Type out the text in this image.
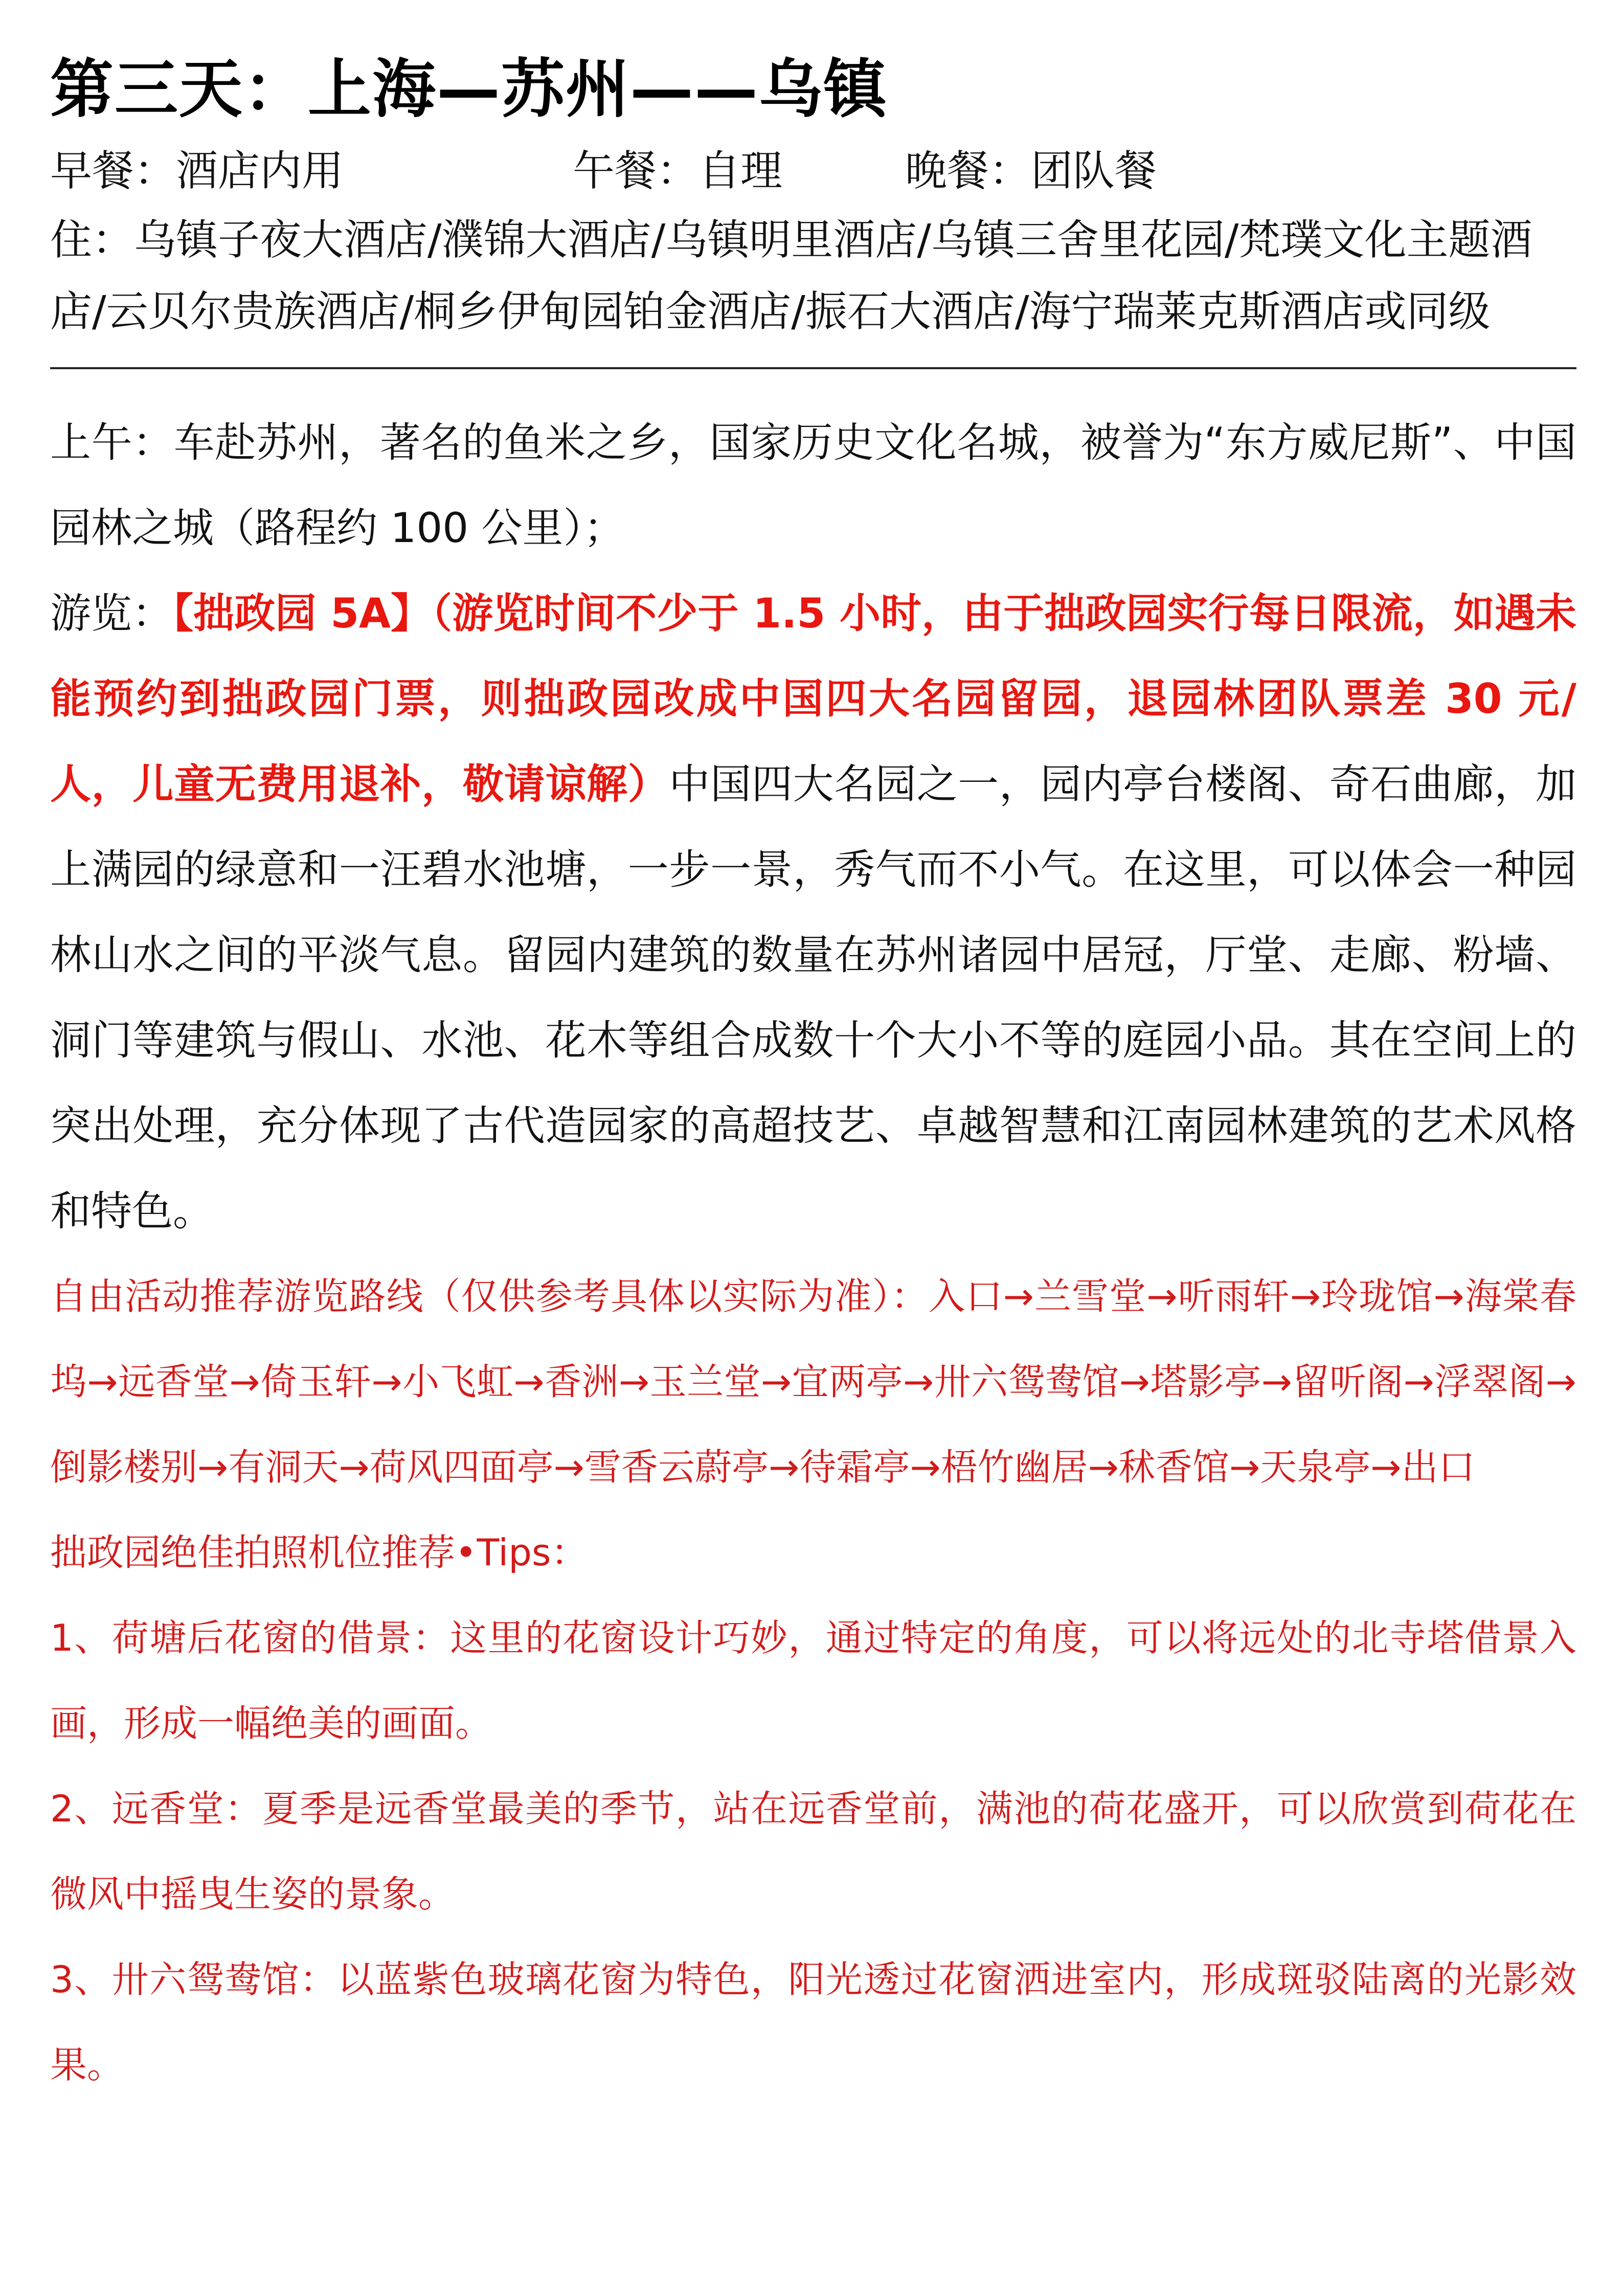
第三天：上海—苏州——乌镇
早餐：酒店内用	午餐：自理	晚餐：团队餐

住：乌镇子夜大酒店/濮锦大酒店/乌镇明里酒店/乌镇三舍里花园/梵璞文化主题酒店/云贝尔贵族酒店/桐乡伊甸园铂金酒店/振石大酒店/海宁瑞莱克斯酒店或同级

上午：车赴苏州，著名的鱼米之乡，国家历史文化名城，被誉为“东方威尼斯”、中国园林之城（路程约 100 公里）；

游览：【拙政园 5A】（游览时间不少于 1.5 小时，由于拙政园实行每日限流，如遇未能预约到拙政园门票，则拙政园改成中国四大名园留园，退园林团队票差 30 元/人，儿童无费用退补，敬请谅解）中国四大名园之一，园内亭台楼阁、奇石曲廊，加上满园的绿意和一汪碧水池塘，一步一景，秀气而不小气。在这里，可以体会一种园林山水之间的平淡气息。留园内建筑的数量在苏州诸园中居冠，厅堂、走廊、粉墙、洞门等建筑与假山、水池、花木等组合成数十个大小不等的庭园小品。其在空间上的突出处理，充分体现了古代造园家的高超技艺、卓越智慧和江南园林建筑的艺术风格和特色。

自由活动推荐游览路线（仅供参考具体以实际为准）：入口→兰雪堂→听雨轩→玲珑馆→海棠春坞→远香堂→倚玉轩→小飞虹→香洲→玉兰堂→宜两亭→卅六鸳鸯馆→塔影亭→留听阁→浮翠阁→倒影楼别→有洞天→荷风四面亭→雪香云蔚亭→待霜亭→梧竹幽居→秫香馆→天泉亭→出口

拙政园绝佳拍照机位推荐•Tips：

1、荷塘后花窗的借景：这里的花窗设计巧妙，通过特定的角度，可以将远处的北寺塔借景入画，形成一幅绝美的画面。

2、远香堂：夏季是远香堂最美的季节，站在远香堂前，满池的荷花盛开，可以欣赏到荷花在微风中摇曳生姿的景象。

3、卅六鸳鸯馆：以蓝紫色玻璃花窗为特色，阳光透过花窗洒进室内，形成斑驳陆离的光影效果。
